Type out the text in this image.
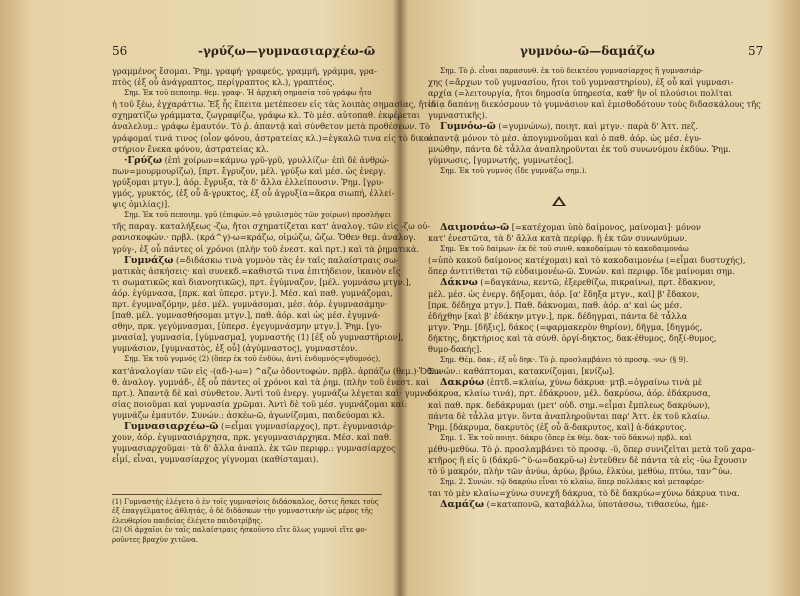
56	-γρύζω—γυμνασιαρχέω-ῶ
γραμμένος ἔσομαι. Ῥημ. γραφή· γραφεύς, γραμμή, γράμμα, γρα-
πτὸς (ἐξ οὗ ἀνάγραπτος, περίγραπτος κλ.), γραπτέος.
Σημ. Ἐκ τοῦ πεποιημ. θεμ. γραφ-. Ἡ ἀρχικὴ σημασία τοῦ γράφω ἦτο
ἡ τοῦ ξέω, ἐγχαράττω. Ἐξ ἧς ἔπειτα μετέπεσεν εἰς τὰς λοιπὰς σημασίας, ἤτοι
σχηματίζω γράμματα, ζωγραφίζω, γράφω κλ. Τὸ μέσ. αὐτοπαθ. ἐκφέρεται
ἀναλελυμ.: γράφω ἐμαυτόν. Τὸ ῥ. ἀπαντᾷ καὶ σύνθετον μετὰ προθέσεων. Τὸ
γράφομαί τινά τινος (οἷον φόνου, ἀστρατείας κλ.)=ἐγκαλῶ τινα εἰς τὸ δικα-
στήριον ἕνεκα φόνου, ἀστρατείας κλ.
·Γρύζω (ἐπὶ χοίρων=κάμνω γρῦ-γρῦ, γρυλλίζω· ἐπὶ δὲ ἀνθρώ-
πων=μουρμουρίζω), [πρτ. ἔγρυζον, μέλ. γρύξω καὶ μέσ. ὡς ἐνεργ.
γρύξομαι μτγν.], ἀόρ. ἔγρυξα, τὰ δ' ἄλλα ἐλλείπουσιν. Ῥημ. [γρυ-
γμός, γρυκτός, (ἐξ οὗ ἄ-γρυκτος, ἐξ οὗ ἀγρυξία=ἄκρα σιωπή, ἐλλεί-
ψις ὁμιλίας)].
Σημ. Ἐκ τοῦ πεποιημ. γρῦ (ἐπιφών.=ὁ γρυλισμὸς τῶν χοίρων) προσλήψει
τῆς παραγ. καταλήξεως -ζω, ἤτοι σχηματίζεται κατ' ἀναλογ. τῶν εἰς -ζω οὐ-
ρανισκοφών.· πρβλ. (κρά^γ)-ω=κράζω, οἰμώζω, ὤζω. Ὅθεν θεμ. ἀναλογ.
γρύγ-, ἐξ οὗ πάντες οἱ χρόνοι (πλὴν τοῦ ἐνεστ. καὶ πρτ.) καὶ τὰ ῥηματικά.
Γυμνάζω (=διδάσκω τινὰ γυμνὸν τὰς ἐν ταῖς παλαίστραις σω-
ματικὰς ἀσκήσεις· καὶ συνεκδ.=καθιστῶ τινα ἐπιτήδειον, ἱκανὸν εἴς
τι σωματικῶς καὶ διανοητικῶς), πρτ. ἐγύμναζον, [μέλ. γυμνάσω μτγν.],
ἀόρ. ἐγύμνασα, [πρκ. καὶ ὑπερσ. μτγν.]. Μέσ. καὶ παθ. γυμνάζομαι,
πρτ. ἐγυμναζόμην, μέσ. μέλ. γυμνάσομαι, μέσ. ἀόρ. ἐγυμνασάμην·
[παθ. μέλ. γυμνασθήσομαι μτγν.], παθ. ἀόρ. καὶ ὡς μέσ. ἐγυμνά-
σθην, πρκ. γεγύμνασμαι, [ὑπερσ. ἐγεγυμνάσμην μτγν.]. Ῥημ. [γυ-
μνασία], γυμνασία, [γύμνασμα], γυμναστής (1) [ἐξ οὗ γυμναστήριον],
γυμνάσιον, [γυμναστὸς, ἐξ οὗ] (ἀγύμναστος), γυμναστέον.
Σημ. Ἐκ τοῦ γυμνός (2) (ὅπερ ἐκ τοῦ ἐνδύω, ἀντὶ ἐνδυμνός=γδυμνός),
κατ'ἀναλογίαν τῶν εἰς -(αδ-)-ω=) ^αζω ὀδοντοφών. πρβλ. ἁρπάζω (θεμ.)·Ὅθεν
θ. ἀναλογ. γυμνάδ-, ἐξ οὗ πάντες οἱ χρόνοι καὶ τὰ ῥημ. (πλὴν τοῦ ἐνεστ. καὶ
πρτ.). Ἀπαντᾷ δὲ καὶ σύνθετον. Ἀντὶ τοῦ ἐνεργ. γυμνάζω λέγεται καὶ· γυμνα-
σίας ποιοῦμαι καὶ γυμνασία χρῶμαι. Ἀντὶ δὲ τοῦ μέσ. γυμνάζομαι καί:
γυμνάζω ἐμαυτόν. Συνών.: ἀσκέω-ῶ, ἀγωνίζομαι, παιδεύομαι κλ.
Γυμνασιαρχέω-ῶ (=εἶμαι γυμνασίαρχος), πρτ. ἐγυμνασιάρ-
χουν, ἀόρ. ἐγυμνασιάρχησα, πρκ. γεγυμνασιάρχηκα. Μέσ. καὶ παθ.
γυμνασιαρχοῦμαι· τὰ δ' ἄλλα ἀναπλ. ἐκ τῶν περιφρ.: γυμνασίαρχος
εἶμί, εἶναι, γυμνασίαρχος γίγνομαι (καθίσταμαι).
(1) Γυμναστὴς ἐλέγετο ὁ ἐν τοῖς γυμνασίοις διδάσκαλος, ὅστις ἤσκει τοὺς
ἐξ ἐπαγγέλματος ἀθλητάς, ὁ δὲ διδάσκων τὴν γυμναστικὴν ὡς μέρος τῆς
ἐλευθερίου παιδείας ἐλέγετο παιδοτρίβης.
(2) Οἱ ἀρχαῖοι ἐν ταῖς παλαίστραις ἠσκοῦντο εἴτε ὅλως γυμνοὶ εἴτε φο-
ροῦντες βραχὺν χιτῶνα.
γυμνόω-ῶ—δαμάζω	57
Σημ. Τὸ ῥ. εἶναι παρασυνθ. ἐκ τοῦ δεικτέου γυμνασίαρχος ἢ γυμνασιάρ-
χης (=ἄρχων τοῦ γυμνασίου, ἤτοι τοῦ γυμναστηρίου), ἐξ οὗ καὶ γυμνασι-
αρχία (=λειτουργία, ἤτοι δημοσία ὑπηρεσία, καθ' ἣν οἱ πλούσιοι πολῖται
ἰδίᾳ δαπάνῃ διεκόσμουν τὸ γυμνάσιον καὶ ἐμισθοδότουν τοὺς διδασκάλους τῆς
γυμναστικῆς).
Γυμνόω-ῶ (=γυμνώνω), ποιητ. καὶ μτγν.· παρὰ δ' Ἀττ. πεζ.
ἀπαντᾷ μόνον τὸ μέσ. ἀπογυμνοῦμαι καὶ ὁ παθ. ἀόρ. ὡς μέσ. ἐγυ-
μνώθην, πάντα δὲ τἆλλα ἀναπληροῦνται ἐκ τοῦ συνωνύμου ἐκδύω. Ῥημ.
γύμνωσις, [γυμνωτής, γυμνωτέος].
Σημ. Ἐκ τοῦ γυμνός (ἴδε γυμνάζω σημ.).
Δαιμονάω-ῶ [=κατέχομαι ὑπὸ δαίμονος, μαίνομαι]· μόνον
κατ' ἐνεστῶτα, τὰ δ' ἄλλα κατὰ περίφρ. ἢ ἐκ τῶν συνωνύμων.
Σημ. Ἐκ τοῦ δαίμων· ἐκ δὲ τοῦ συνθ. κακοδαίμων τὸ κακοδαιμονάω
(=ὑπὸ κακοῦ δαίμονος κατέχομαι) καὶ τὸ κακοδαιμονέω (=εἶμαι δυστυχής),
ὅπερ ἀντιτίθεται τῷ εὐδαιμονέω-ῶ. Συνών. καὶ περιφρ. ἴδε μαίνομαι σημ.
Δάκνω (=δαγκάνω, κεντῶ, ἐξερεθίζω, πικραίνω), πρτ. ἔδακνον,
μέλ. μέσ. ὡς ἐνεργ. δήξομαι, ἀόρ. [α' ἔδηξα μτγν., καὶ] β' ἔδακον,
[πρκ. δέδηχα μτγν.]. Παθ. δάκνομαι, παθ. ἀόρ. α' καὶ ὡς μέσ.
ἐδήχθην [καὶ β' ἐδάκην μτγν.], πρκ. δέδηγμαι, πάντα δὲ τἆλλα
μτγν. Ῥημ. [δῆξις], δάκος (=φαρμακερὸν θηρίον), δῆγμα, [δηγμός,
δήκτης, δηκτήριος καὶ τὰ σύνθ. ὀργί-δηκτος, δακ-έθυμος, δηξί-θυμος,
θυμο-δακής].
Σημ. Θέμ. δακ-, ἐξ οὗ δηκ-. Τὸ ῥ. προσλαμβάνει τὸ προσφ. -νω- (§ 9).
Συνών.: καθάπτομαι, κατακνίζομαι, [κνίζω].
Δακρύω (ἐπτδ.=κλαίω, χύνω δάκρυα· μτβ.=ὀγραίνω τινὰ μὲ
δάκρυα, κλαίω τινά), πρτ. ἐδάκρυον, μέλ. δακρύσω, ἀόρ. ἐδάκρυσα,
καὶ παθ. πρκ. δεδάκρυμαι (μετ' οὐδ. σημ.=εἶμαι ἔμπλεως δακρύων),
πάντα δὲ τἆλλα μτγν. ὅντα ἀναπληροῦνται παρ' Ἀττ. ἐκ τοῦ κλαίω.
Ῥημ. [δάκρυμα, δακρυτὸς (ἐξ οὗ ἄ-δακρυτος, καὶ] ἀ-δάκρυτος.
Σημ. 1. Ἐκ τοῦ ποιητ. δάκρυ (ὅπερ ἐκ θέμ. δακ- τοῦ δάκνω) πρβλ. καὶ
μέθυ-μεθύω. Τὸ ῥ. προσλαμβάνει τὸ προσφ. -ῠ, ὅπερ συνιζεῖται μετὰ τοῦ χαρα-
κτῆρος ἢ εἰς ῡ (δάκρῠ-^ῠ-ω=δακρῡ-ω) ἐντεῦθεν δὲ πάντα τὰ εἰς -ῡω ἔχουσιν
τὸ ῡ μακρόν, πλὴν τῶν ἀνύω, ἀρύω, βρύω, ἐλκύω, μεθύω, πτύω, ταν^ύω.
Σημ. 2. Συνών. τῷ δακρύω εἶναι τὸ κλαίω, ὅπερ πολλάκις καὶ μεταφέρε-
ται τὸ μὲν κλαίω=χύνω συνεχῆ δάκρυα, τὸ δὲ δακρύω=χύνω δάκρυα τινα.
Δαμάζω (=καταπονῶ, καταβάλλω, ὑποτάσσω, τιθασεύω, ἡμε-
